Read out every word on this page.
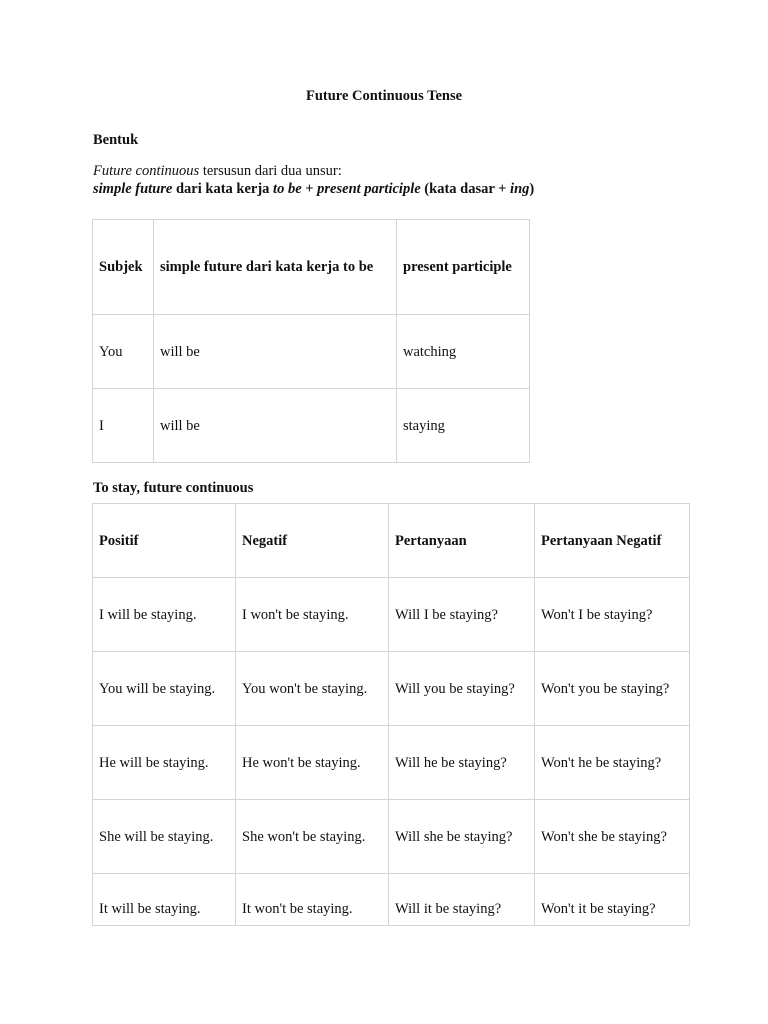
Future Continuous Tense
Bentuk
Future continuous tersusun dari dua unsur:
simple future dari kata kerja to be + present participle (kata dasar + ing)
Subjek	simple future dari kata kerja to be	present participle
You	will be	watching
I	will be	staying
To stay, future continuous
Positif	Negatif	Pertanyaan	Pertanyaan Negatif
I will be staying.	I won't be staying.	Will I be staying?	Won't I be staying?
You will be staying.	You won't be staying.	Will you be staying?	Won't you be staying?
He will be staying.	He won't be staying.	Will he be staying?	Won't he be staying?
She will be staying.	She won't be staying.	Will she be staying?	Won't she be staying?
It will be staying.	It won't be staying.	Will it be staying?	Won't it be staying?
